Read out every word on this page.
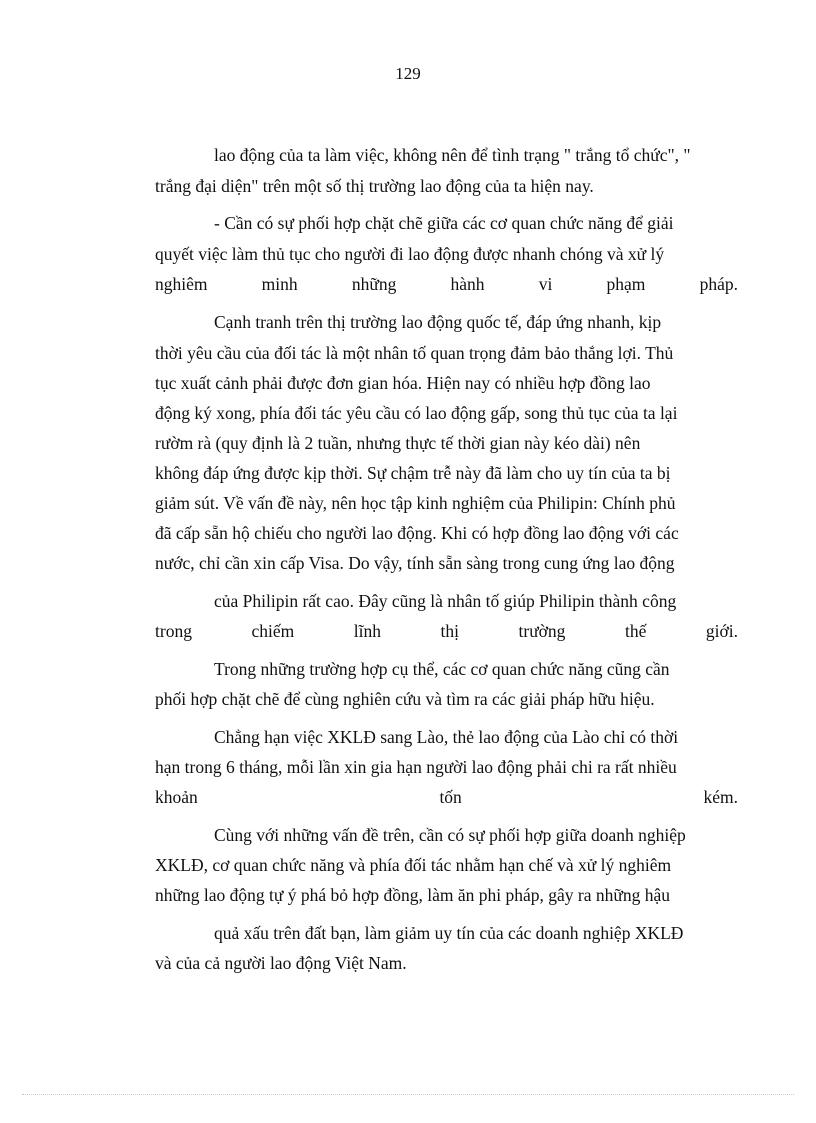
129
lao động của ta làm việc, không nên để tình trạng " trắng tổ chức", "
trắng đại diện" trên một số thị trường lao động của ta hiện nay.
- Cần có sự phối hợp chặt chẽ giữa các cơ quan chức năng để giải
quyết việc làm thủ tục cho người đi lao động được nhanh chóng và xử lý
nghiêm	minh	những	hành	vi	phạm	pháp.
Cạnh tranh trên thị trường lao động quốc tế, đáp ứng nhanh, kịp
thời yêu cầu của đối tác là một nhân tố quan trọng đảm bảo thắng lợi. Thủ
tục xuất cảnh phải được đơn gian hóa. Hiện nay có nhiều hợp đồng lao
động ký xong, phía đối tác yêu cầu có lao động gấp, song thủ tục của ta lại
rườm rà (quy định là 2 tuần, nhưng thực tế thời gian này kéo dài) nên
không đáp ứng được kịp thời. Sự chậm trễ này đã làm cho uy tín của ta bị
giảm sút. Về vấn đề này, nên học tập kinh nghiệm của Philipin: Chính phủ
đã cấp sẵn hộ chiếu cho người lao động. Khi có hợp đồng lao động với các
nước, chỉ cần xin cấp Visa. Do vậy, tính sẵn sàng trong cung ứng lao động
của Philipin rất cao. Đây cũng là nhân tố giúp Philipin thành công
trong	chiếm	lĩnh	thị	trường	thế	giới.
Trong những trường hợp cụ thể, các cơ quan chức năng cũng cần
phối hợp chặt chẽ để cùng nghiên cứu và tìm ra các giải pháp hữu hiệu.
Chẳng hạn việc XKLĐ sang Lào, thẻ lao động của Lào chỉ có thời
hạn trong 6 tháng, mỗi lần xin gia hạn người lao động phải chi ra rất nhiều
khoản	tốn	kém.
Cùng với những vấn đề trên, cần có sự phối hợp giữa doanh nghiệp
XKLĐ, cơ quan chức năng và phía đối tác nhằm hạn chế và xử lý nghiêm
những lao động tự ý phá bỏ hợp đồng, làm ăn phi pháp, gây ra những hậu
quả xấu trên đất bạn, làm giảm uy tín của các doanh nghiệp XKLĐ
và của cả người lao động Việt Nam.
